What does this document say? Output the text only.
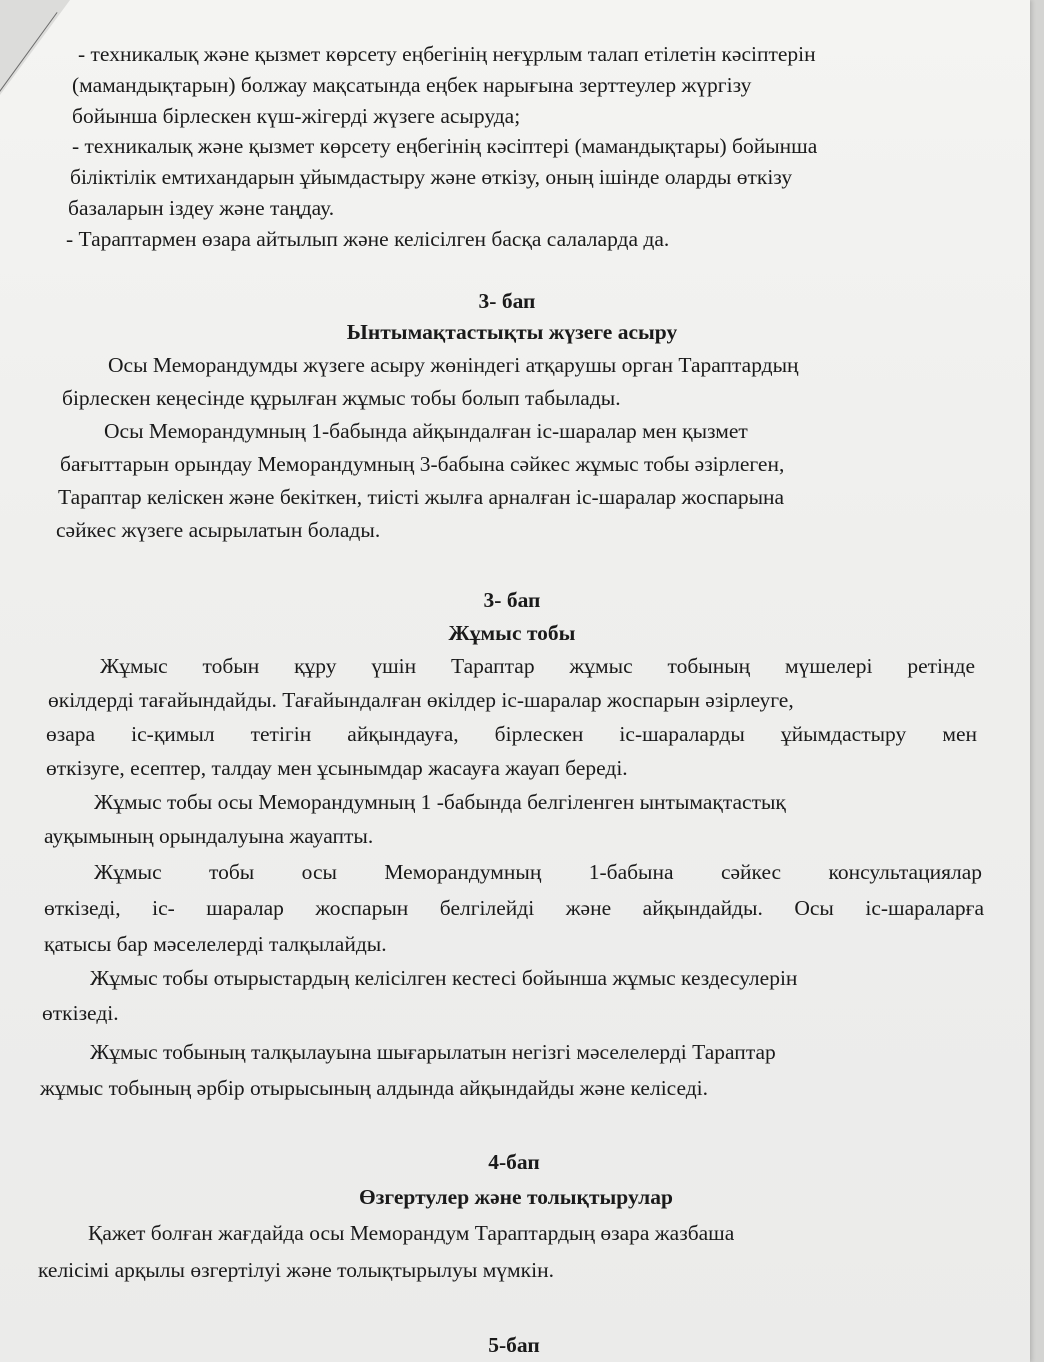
- техникалық және қызмет көрсету еңбегінің неғұрлым талап етілетін кәсіптерін
(мамандықтарын) болжау мақсатында еңбек нарығына зерттеулер жүргізу
бойынша бірлескен күш-жігерді жүзеге асыруда;
- техникалық және қызмет көрсету еңбегінің кәсіптері (мамандықтары) бойынша
біліктілік емтихандарын ұйымдастыру және өткізу, оның ішінде оларды өткізу
базаларын іздеу және таңдау.
- Тараптармен өзара айтылып және келісілген басқа салаларда да.
3- бап
Ынтымақтастықты жүзеге асыру
Осы Меморандумды жүзеге асыру жөніндегі атқарушы орган Тараптардың
бірлескен кеңесінде құрылған жұмыс тобы болып табылады.
Осы Меморандумның 1-бабында айқындалған іс-шаралар мен қызмет
бағыттарын орындау Меморандумның 3-бабына сәйкес жұмыс тобы әзірлеген,
Тараптар келіскен және бекіткен, тиісті жылға арналған іс-шаралар жоспарына
сәйкес жүзеге асырылатын болады.
3- бап
Жұмыс тобы
Жұмыс тобын құру үшін Тараптар жұмыс тобының мүшелері ретінде
өкілдерді тағайындайды. Тағайындалған өкілдер іс-шаралар жоспарын әзірлеуге,
өзара іс-қимыл тетігін айқындауға, бірлескен іс-шараларды ұйымдастыру мен
өткізуге, есептер, талдау мен ұсынымдар жасауға жауап береді.
Жұмыс тобы осы Меморандумның 1 -бабында белгіленген ынтымақтастық
ауқымының орындалуына жауапты.
Жұмыс тобы осы Меморандумның 1-бабына сәйкес консультациялар
өткізеді, іс- шаралар жоспарын белгілейді және айқындайды. Осы іс-шараларға
қатысы бар мәселелерді талқылайды.
Жұмыс тобы отырыстардың келісілген кестесі бойынша жұмыс кездесулерін
өткізеді.
Жұмыс тобының талқылауына шығарылатын негізгі мәселелерді Тараптар
жұмыс тобының әрбір отырысының алдында айқындайды және келіседі.
4-бап
Өзгертулер және толықтырулар
Қажет болған жағдайда осы Меморандум Тараптардың өзара жазбаша
келісімі арқылы өзгертілуі және толықтырылуы мүмкін.
5-бап
